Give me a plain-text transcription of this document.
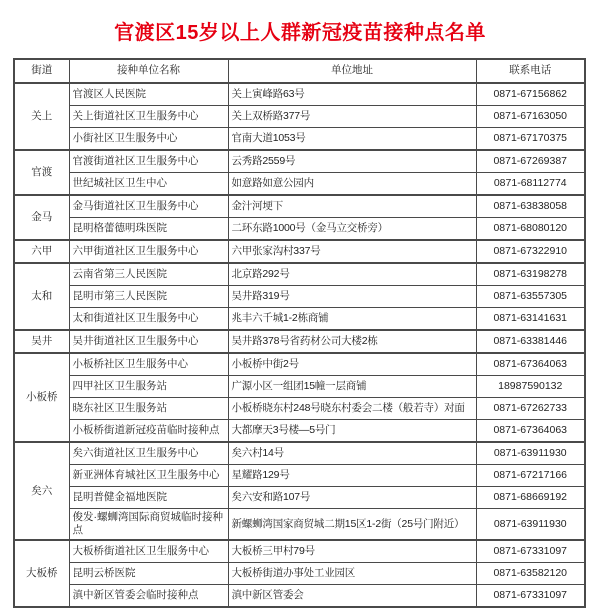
官渡区15岁以上人群新冠疫苗接种点名单
街道	接种单位名称	单位地址	联系电话
关上	官渡区人民医院	关上寅峰路63号	0871-67156862
	关上街道社区卫生服务中心	关上双桥路377号	0871-67163050
	小街社区卫生服务中心	官南大道1053号	0871-67170375
官渡	官渡街道社区卫生服务中心	云秀路2559号	0871-67269387
	世纪城社区卫生中心	如意路如意公园内	0871-68112774
金马	金马街道社区卫生服务中心	金汁河埂下	0871-63838058
	昆明格蕾德明珠医院	二环东路1000号（金马立交桥旁）	0871-68080120
六甲	六甲街道社区卫生服务中心	六甲张家沟村337号	0871-67322910
太和	云南省第三人民医院	北京路292号	0871-63198278
	昆明市第三人民医院	吴井路319号	0871-63557305
	太和街道社区卫生服务中心	兆丰六千城1-2栋商铺	0871-63141631
吴井	吴井街道社区卫生服务中心	吴井路378号省药材公司大楼2栋	0871-63381446
小板桥	小板桥社区卫生服务中心	小板桥中街2号	0871-67364063
	四甲社区卫生服务站	广源小区一组团15幢一层商铺	18987590132
	晓东社区卫生服务站	小板桥晓东村248号晓东村委会二楼（般若寺）对面	0871-67262733
	小板桥街道新冠疫苗临时接种点	大都摩天3号楼—5号门	0871-67364063
矣六	矣六街道社区卫生服务中心	矣六村14号	0871-63911930
	新亚洲体育城社区卫生服务中心	星耀路129号	0871-67217166
	昆明普健金福地医院	矣六安和路107号	0871-68669192
	俊发·螺蛳湾国际商贸城临时接种点	新螺蛳湾国家商贸城二期15区1-2街（25号门附近）	0871-63911930
大板桥	大板桥街道社区卫生服务中心	大板桥三甲村79号	0871-67331097
	昆明云桥医院	大板桥街道办事处工业园区	0871-63582120
	滇中新区管委会临时接种点	滇中新区管委会	0871-67331097
